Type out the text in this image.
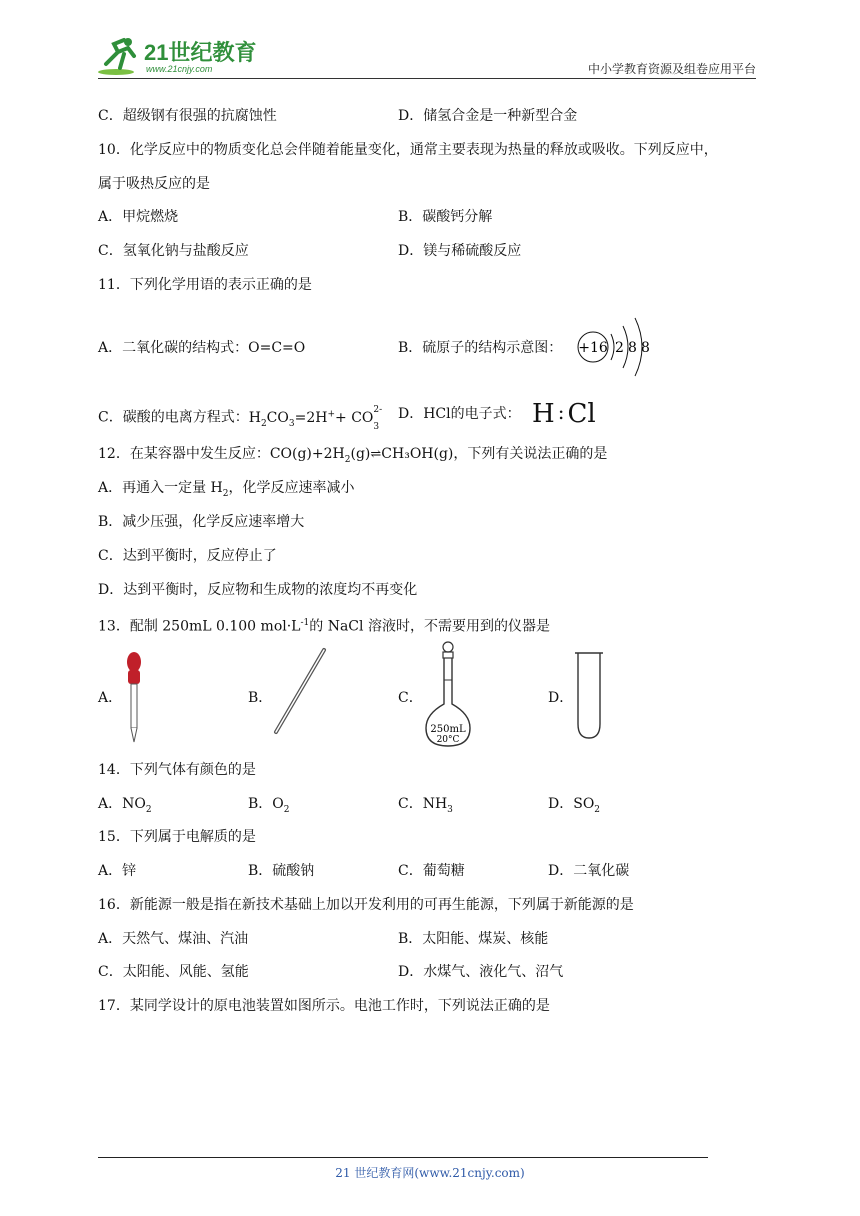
21世纪教育
www.21cnjy.com	中小学教育资源及组卷应用平台
C．超级钢有很强的抗腐蚀性	D．储氢合金是一种新型合金
10．化学反应中的物质变化总会伴随着能量变化，通常主要表现为热量的释放或吸收。下列反应中，
属于吸热反应的是
A．甲烷燃烧	B．碳酸钙分解
C．氢氧化钠与盐酸反应	D．镁与稀硫酸反应
11．下列化学用语的表示正确的是
A．二氧化碳的结构式：O=C=O	B．硫原子的结构示意图： +16 2 8 8
C．碳酸的电离方程式：$H_2CO_3=2H^++$ CO 2-
$_3$
D．HCl的电子式： H : Cl
12．在某容器中发生反应：$CO(g)+2H_2(g)\rightleftharpoons CH_3OH(g)$，下列有关说法正确的是
A．再通入一定量 $H_2$，化学反应速率减小
B．减少压强，化学反应速率增大
C．达到平衡时，反应停止了
D．达到平衡时，反应物和生成物的浓度均不再变化
13．配制 250mL 0.100 $mol\cdot L^{-1}$的 NaCl 溶液时，不需要用到的仪器是
A．	B．	C．
250mL
20°C
D．
14．下列气体有颜色的是
A．$NO_2$	B．$O_2$	C．$NH_3$	D．$SO_2$
15．下列属于电解质的是
A．锌	B．硫酸钠	C．葡萄糖	D．二氧化碳
16．新能源一般是指在新技术基础上加以开发利用的可再生能源，下列属于新能源的是
A．天然气、煤油、汽油	B．太阳能、煤炭、核能
C．太阳能、风能、氢能	D．水煤气、液化气、沼气
17．某同学设计的原电池装置如图所示。电池工作时，下列说法正确的是
21 世纪教育网(www.21cnjy.com)
